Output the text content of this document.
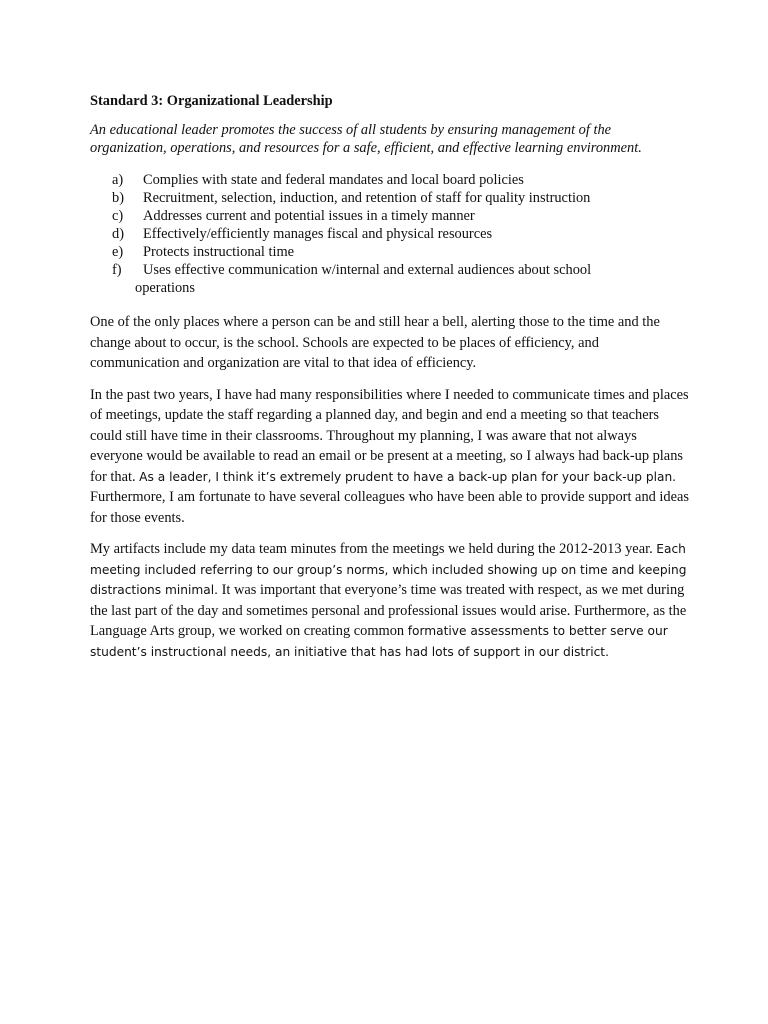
Standard 3: Organizational Leadership

An educational leader promotes the success of all students by ensuring management of the organization, operations, and resources for a safe, efficient, and effective learning environment.

a) Complies with state and federal mandates and local board policies
b) Recruitment, selection, induction, and retention of staff for quality instruction
c) Addresses current and potential issues in a timely manner
d) Effectively/efficiently manages fiscal and physical resources
e) Protects instructional time
f) Uses effective communication w/internal and external audiences about school
operations

One of the only places where a person can be and still hear a bell, alerting those to the time and the change about to occur, is the school. Schools are expected to be places of efficiency, and communication and organization are vital to that idea of efficiency.

In the past two years, I have had many responsibilities where I needed to communicate times and places of meetings, update the staff regarding a planned day, and begin and end a meeting so that teachers could still have time in their classrooms. Throughout my planning, I was aware that not always everyone would be available to read an email or be present at a meeting, so I always had back-up plans for that. As a leader, I think it’s extremely prudent to have a back-up plan for your back-up plan. Furthermore, I am fortunate to have several colleagues who have been able to provide support and ideas for those events.

My artifacts include my data team minutes from the meetings we held during the 2012-2013 year. Each meeting included referring to our group’s norms, which included showing up on time and keeping distractions minimal. It was important that everyone’s time was treated with respect, as we met during the last part of the day and sometimes personal and professional issues would arise. Furthermore, as the Language Arts group, we worked on creating common formative assessments to better serve our student’s instructional needs, an initiative that has had lots of support in our district.
